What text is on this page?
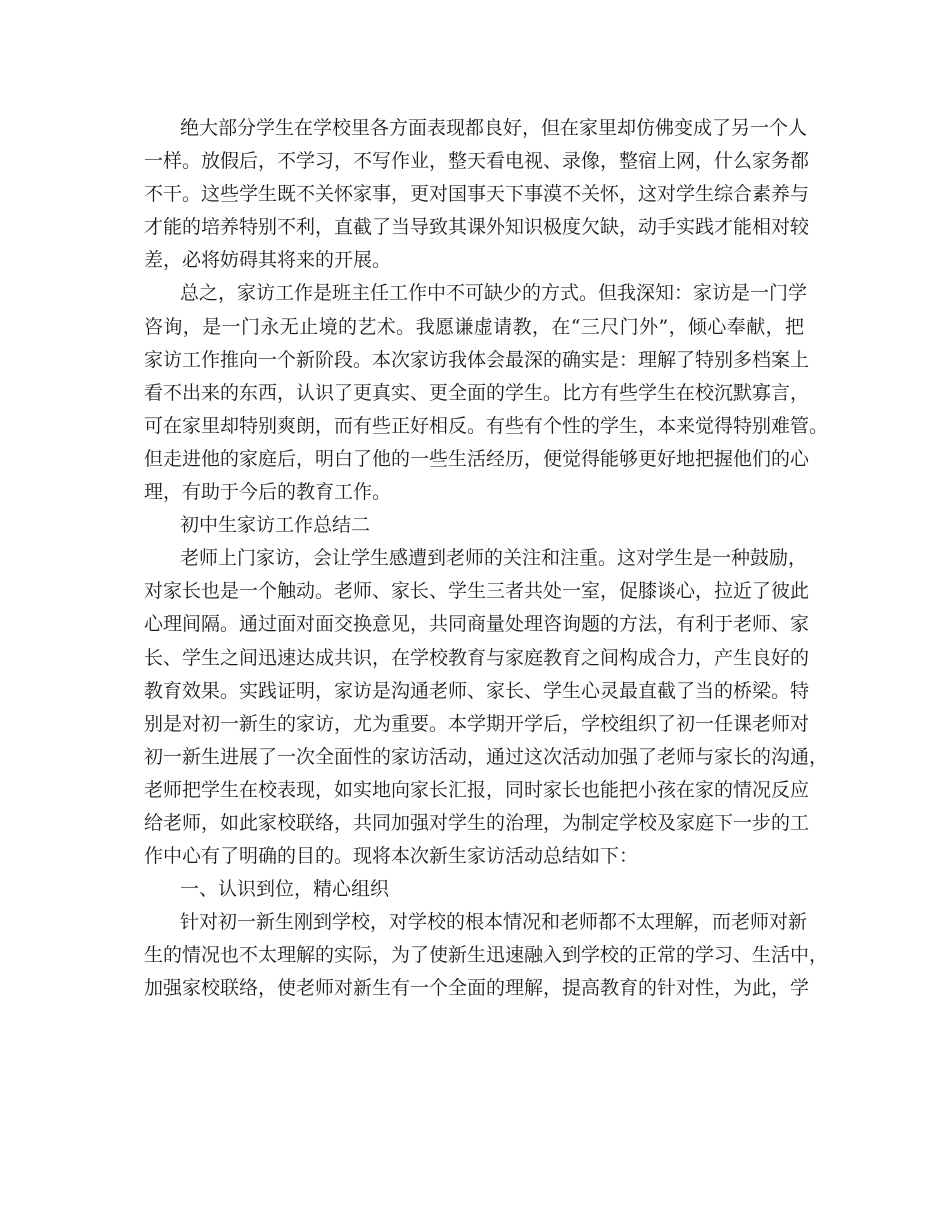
绝大部分学生在学校里各方面表现都良好，但在家里却仿佛变成了另一个人
一样。放假后，不学习，不写作业，整天看电视、录像，整宿上网，什么家务都
不干。这些学生既不关怀家事，更对国事天下事漠不关怀，这对学生综合素养与
才能的培养特别不利，直截了当导致其课外知识极度欠缺，动手实践才能相对较
差，必将妨碍其将来的开展。
总之，家访工作是班主任工作中不可缺少的方式。但我深知：家访是一门学
咨询，是一门永无止境的艺术。我愿谦虚请教，在“三尺门外”，倾心奉献，把
家访工作推向一个新阶段。本次家访我体会最深的确实是：理解了特别多档案上
看不出来的东西，认识了更真实、更全面的学生。比方有些学生在校沉默寡言，
可在家里却特别爽朗，而有些正好相反。有些有个性的学生，本来觉得特别难管。
但走进他的家庭后，明白了他的一些生活经历，便觉得能够更好地把握他们的心
理，有助于今后的教育工作。
初中生家访工作总结二
老师上门家访，会让学生感遭到老师的关注和注重。这对学生是一种鼓励，
对家长也是一个触动。老师、家长、学生三者共处一室，促膝谈心，拉近了彼此
心理间隔。通过面对面交换意见，共同商量处理咨询题的方法，有利于老师、家
长、学生之间迅速达成共识，在学校教育与家庭教育之间构成合力，产生良好的
教育效果。实践证明，家访是沟通老师、家长、学生心灵最直截了当的桥梁。特
别是对初一新生的家访，尤为重要。本学期开学后，学校组织了初一任课老师对
初一新生进展了一次全面性的家访活动，通过这次活动加强了老师与家长的沟通，
老师把学生在校表现，如实地向家长汇报，同时家长也能把小孩在家的情况反应
给老师，如此家校联络，共同加强对学生的治理，为制定学校及家庭下一步的工
作中心有了明确的目的。现将本次新生家访活动总结如下：
一、认识到位，精心组织
针对初一新生刚到学校，对学校的根本情况和老师都不太理解，而老师对新
生的情况也不太理解的实际，为了使新生迅速融入到学校的正常的学习、生活中，
加强家校联络，使老师对新生有一个全面的理解，提高教育的针对性，为此，学
